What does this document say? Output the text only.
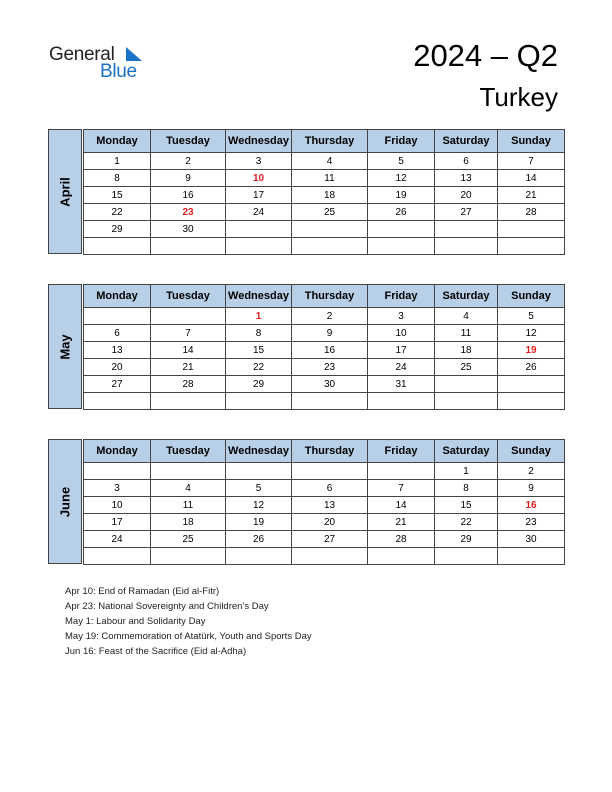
General
Blue	2024 – Q2
Turkey
April
Monday	Tuesday	Wednesday	Thursday	Friday	Saturday	Sunday
1	2	3	4	5	6	7
8	9	10	11	12	13	14
15	16	17	18	19	20	21
22	23	24	25	26	27	28
29	30					

May
Monday	Tuesday	Wednesday	Thursday	Friday	Saturday	Sunday
		1	2	3	4	5
6	7	8	9	10	11	12
13	14	15	16	17	18	19
20	21	22	23	24	25	26
27	28	29	30	31		

June
Monday	Tuesday	Wednesday	Thursday	Friday	Saturday	Sunday
					1	2
3	4	5	6	7	8	9
10	11	12	13	14	15	16
17	18	19	20	21	22	23
24	25	26	27	28	29	30

Apr 10: End of Ramadan (Eid al-Fitr)
Apr 23: National Sovereignty and Children’s Day
May 1: Labour and Solidarity Day
May 19: Commemoration of Atatürk, Youth and Sports Day
Jun 16: Feast of the Sacrifice (Eid al-Adha)
